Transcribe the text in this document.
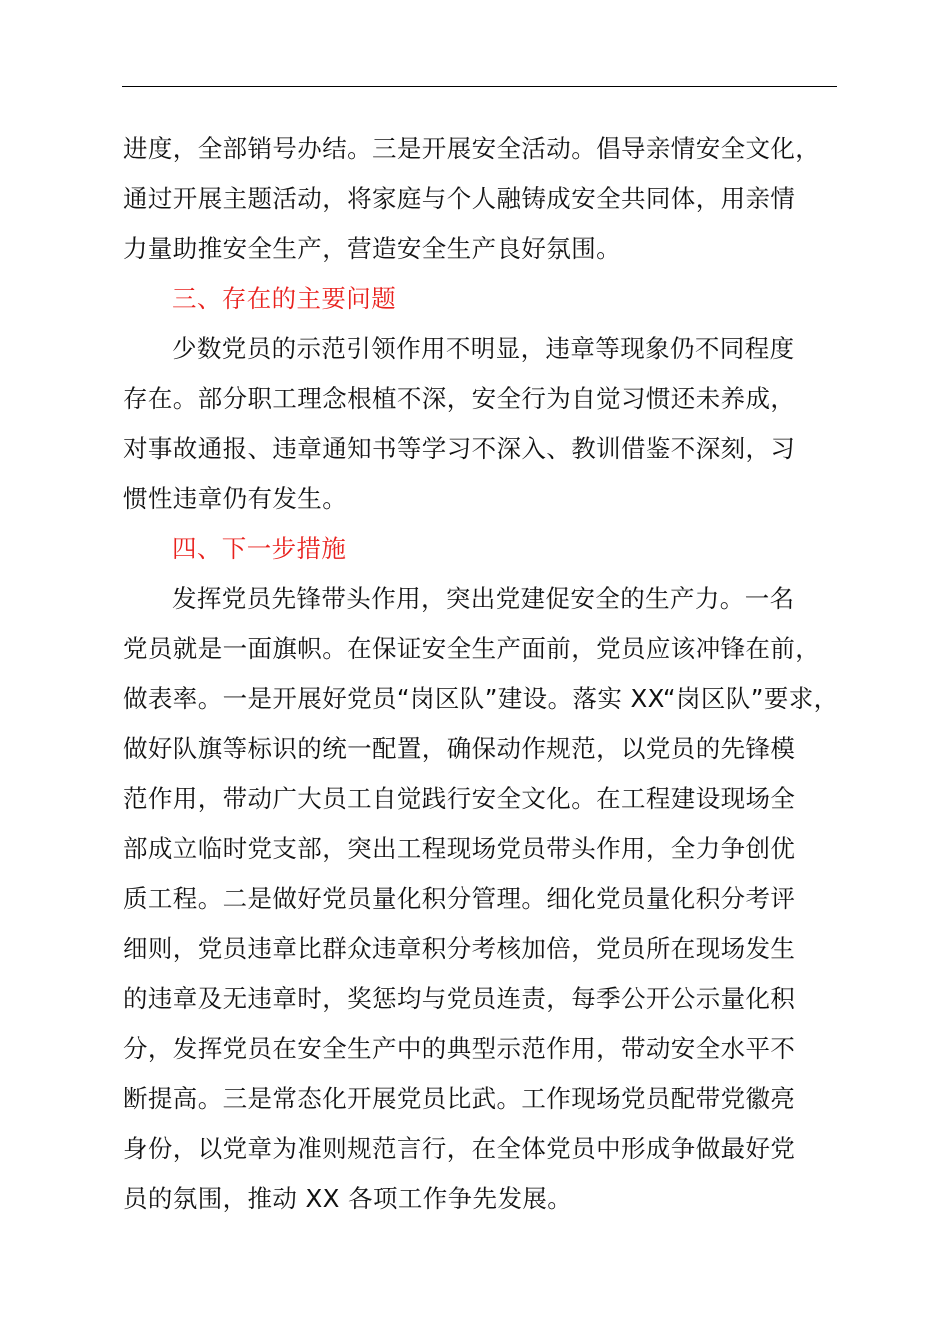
进度，全部销号办结。三是开展安全活动。倡导亲情安全文化，
通过开展主题活动，将家庭与个人融铸成安全共同体，用亲情
力量助推安全生产，营造安全生产良好氛围。
三、存在的主要问题
少数党员的示范引领作用不明显，违章等现象仍不同程度
存在。部分职工理念根植不深，安全行为自觉习惯还未养成，
对事故通报、违章通知书等学习不深入、教训借鉴不深刻，习
惯性违章仍有发生。
四、下一步措施
发挥党员先锋带头作用，突出党建促安全的生产力。一名
党员就是一面旗帜。在保证安全生产面前，党员应该冲锋在前，
做表率。一是开展好党员“岗区队”建设。落实 XX“岗区队”要求，
做好队旗等标识的统一配置，确保动作规范，以党员的先锋模
范作用，带动广大员工自觉践行安全文化。在工程建设现场全
部成立临时党支部，突出工程现场党员带头作用，全力争创优
质工程。二是做好党员量化积分管理。细化党员量化积分考评
细则，党员违章比群众违章积分考核加倍，党员所在现场发生
的违章及无违章时，奖惩均与党员连责，每季公开公示量化积
分，发挥党员在安全生产中的典型示范作用，带动安全水平不
断提高。三是常态化开展党员比武。工作现场党员配带党徽亮
身份，以党章为准则规范言行，在全体党员中形成争做最好党
员的氛围，推动 XX 各项工作争先发展。
